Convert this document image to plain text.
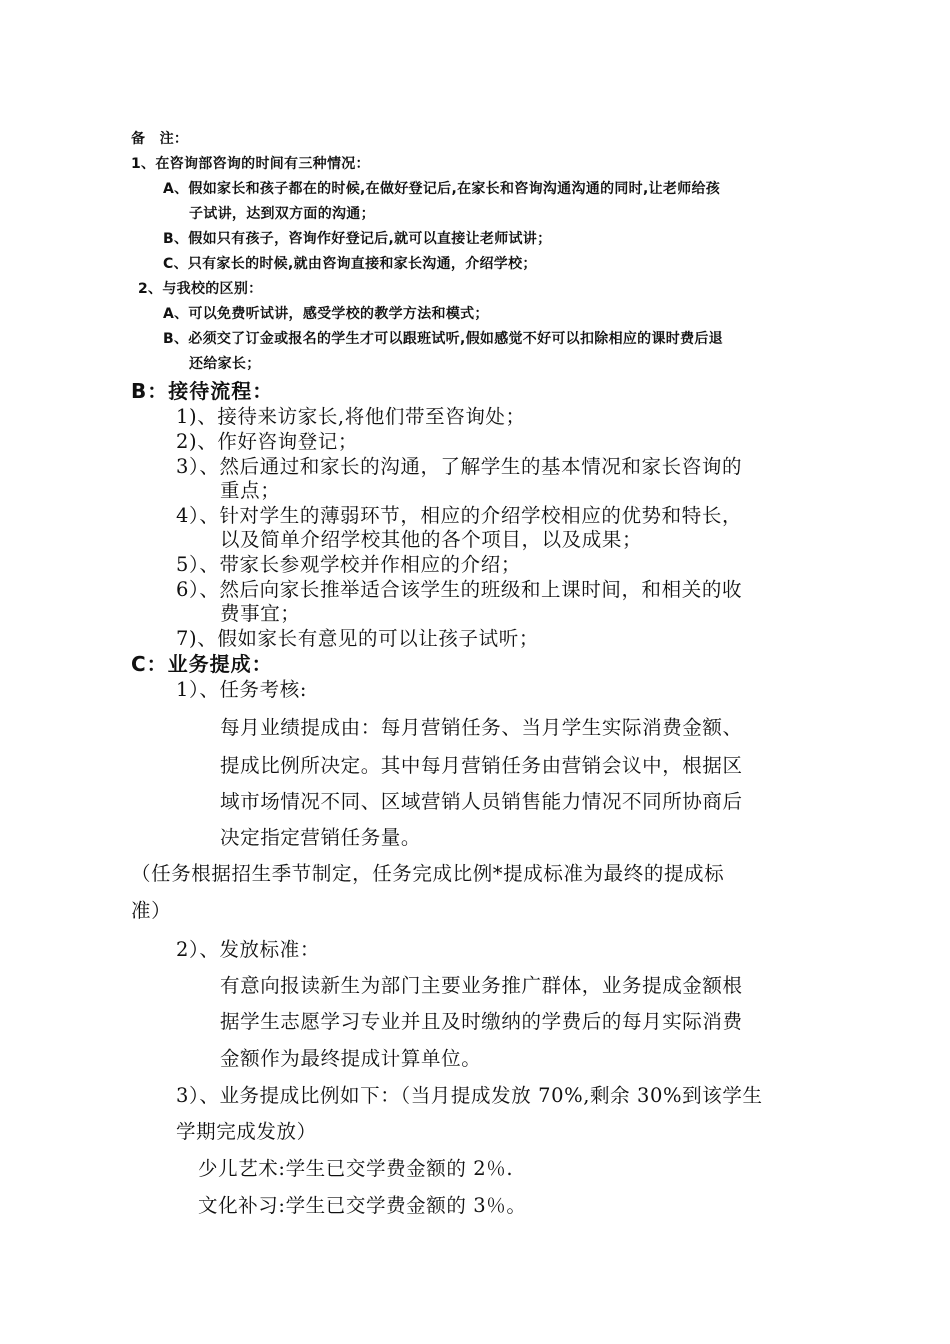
备　注：
1、在咨询部咨询的时间有三种情况：
A、假如家长和孩子都在的时候,在做好登记后,在家长和咨询沟通沟通的同时,让老师给孩
子试讲，达到双方面的沟通；
B、假如只有孩子，咨询作好登记后,就可以直接让老师试讲；
C、只有家长的时候,就由咨询直接和家长沟通，介绍学校；
2、与我校的区别：
A、可以免费听试讲，感受学校的教学方法和模式；
B、必须交了订金或报名的学生才可以跟班试听,假如感觉不好可以扣除相应的课时费后退
还给家长；
B：接待流程：
1)、接待来访家长,将他们带至咨询处；
2)、作好咨询登记；
3）、然后通过和家长的沟通，了解学生的基本情况和家长咨询的
重点；
4）、针对学生的薄弱环节，相应的介绍学校相应的优势和特长，
以及简单介绍学校其他的各个项目，以及成果；
5）、带家长参观学校并作相应的介绍；
6）、然后向家长推举适合该学生的班级和上课时间，和相关的收
费事宜；
7)、假如家长有意见的可以让孩子试听；
C：业务提成：
1）、任务考核:
每月业绩提成由：每月营销任务、当月学生实际消费金额、
提成比例所决定。其中每月营销任务由营销会议中，根据区
域市场情况不同、区域营销人员销售能力情况不同所协商后
决定指定营销任务量。
（任务根据招生季节制定，任务完成比例*提成标准为最终的提成标
准）
2）、发放标准：
有意向报读新生为部门主要业务推广群体，业务提成金额根
据学生志愿学习专业并且及时缴纳的学费后的每月实际消费
金额作为最终提成计算单位。
3）、业务提成比例如下：（当月提成发放 70%,剩余 30%到该学生
学期完成发放）
少儿艺术:学生已交学费金额的 2％.
文化补习:学生已交学费金额的 3％。
